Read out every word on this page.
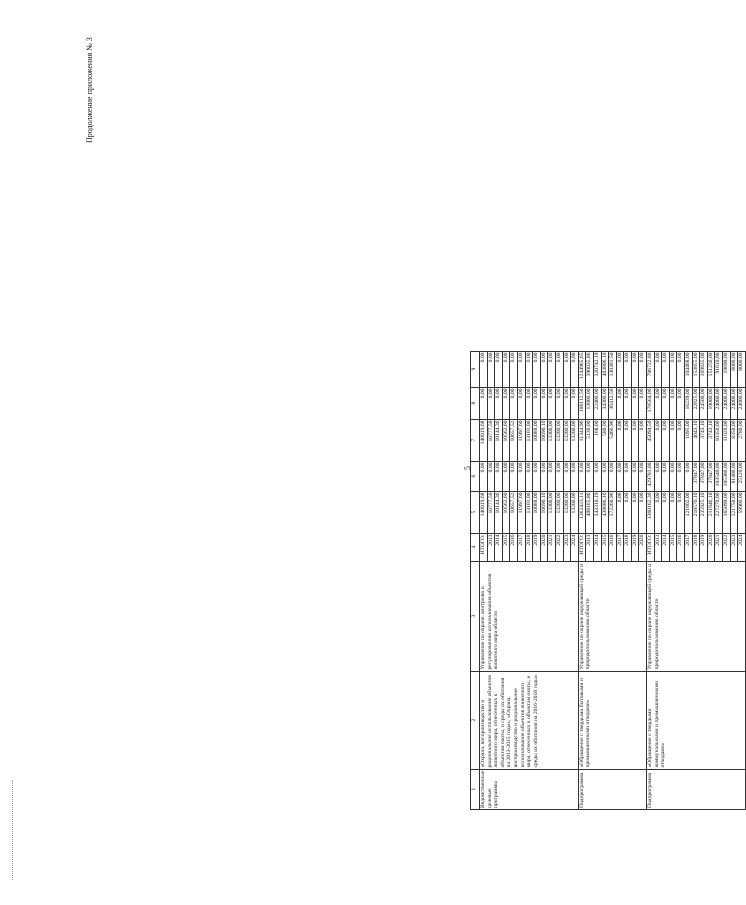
Продолжение приложения № 3
5
1	2	3	4	5	6	7	8	9
Ведомственные целевые программы	«Охрана, воспроизводство и рациональное использование объектов животного мира, отнесенных к объектам охоты, и среды их обитания на 2013-2015 годы», «Охрана, воспроизводство и рациональное использование объектов животного мира, отнесенных к объектам охоты, и среды их обитания на 2016-2018 годы»	Управление по охране, контролю и регулированию использования объектов животного мира области	ИТОГО:	140819,68	0,00	140819,68	0,00	0,00
			2013	10777,50	0,00	10777,50	0,00	0,00
			2014	10144,36	0,00	10144,36	0,00	0,00
			2015	10563,60	0,00	10563,60	0,00	0,00
			2016	10657,52	0,00	10657,52	0,00	0,00
			2017	11997,60	0,00	11997,60	0,00	0,00
			2018	13101,00	0,00	13101,00	0,00	0,00
			2019	10088,00	0,00	10088,00	0,00	0,00
			2020	10690,10	0,00	10690,10	0,00	0,00
			2021	13300,00	0,00	13300,00	0,00	0,00
			2022	13200,00	0,00	13200,00	0,00	0,00
			2023	13200,00	0,00	13200,00	0,00	0,00
			2024	13200,00	0,00	13200,00	0,00	0,00
Подпрограмма	«Обращение с твердыми бытовыми и промышленными отходами»	Управление по охране окружающей среды и природопользованию области	ИТОГО:	1362423,11	0,00	11344,96	106112,50	1244965,65
			2013	408165,86	0,00	5130,00	13000,00	390035,86
			2014	343310,19	0,00	168,00	22400,00	320742,19
			2015	438686,10	0,00	580,00	34300,00	403806,10
			2016	172260,96	0,00	5466,96	36412,50	130381,50
			2017	0,00	0,00	0,00	0,00	0,00
			2018	0,00	0,00	0,00	0,00	0,00
			2019	0,00	0,00	0,00	0,00	0,00
			2020	0,00	0,00	0,00	0,00	0,00
Подпрограмма	«Обращение с твердыми коммунальными и промышленными отходами»	Управление по охране окружающей среды и природопользованию области	ИТОГО:	1360162,30	429781,00	45094,50	178564,00	706722,80
			2013	0,00	0,00	0,00	0,00	0,00
			2014	0,00	0,00	0,00	0,00	0,00
			2015	0,00	0,00	0,00	0,00	0,00
			2016	0,00	0,00	0,00	0,00	0,00
			2017	121802,00	0,00	1095,00	16239,00	104468,00
			2018	218570,10	37847,00	4043,10	22825,00	153855,00
			2019	235925,10	37847,00	3743,10	24500,00	169835,00
			2020	211846,10	37847,00	3743,10	19000,00	151256,00
			2021	227270,00	103540,00	10350,00	24000,00	91610,00
			2022	165099,00	105380,00	11020,00	24000,00	19699,00
			2023	121750,00	81400,00	8350,00	24000,00	8000,00
			2024	59900,00	25120,00	2780,00	24000,00	8000,00
